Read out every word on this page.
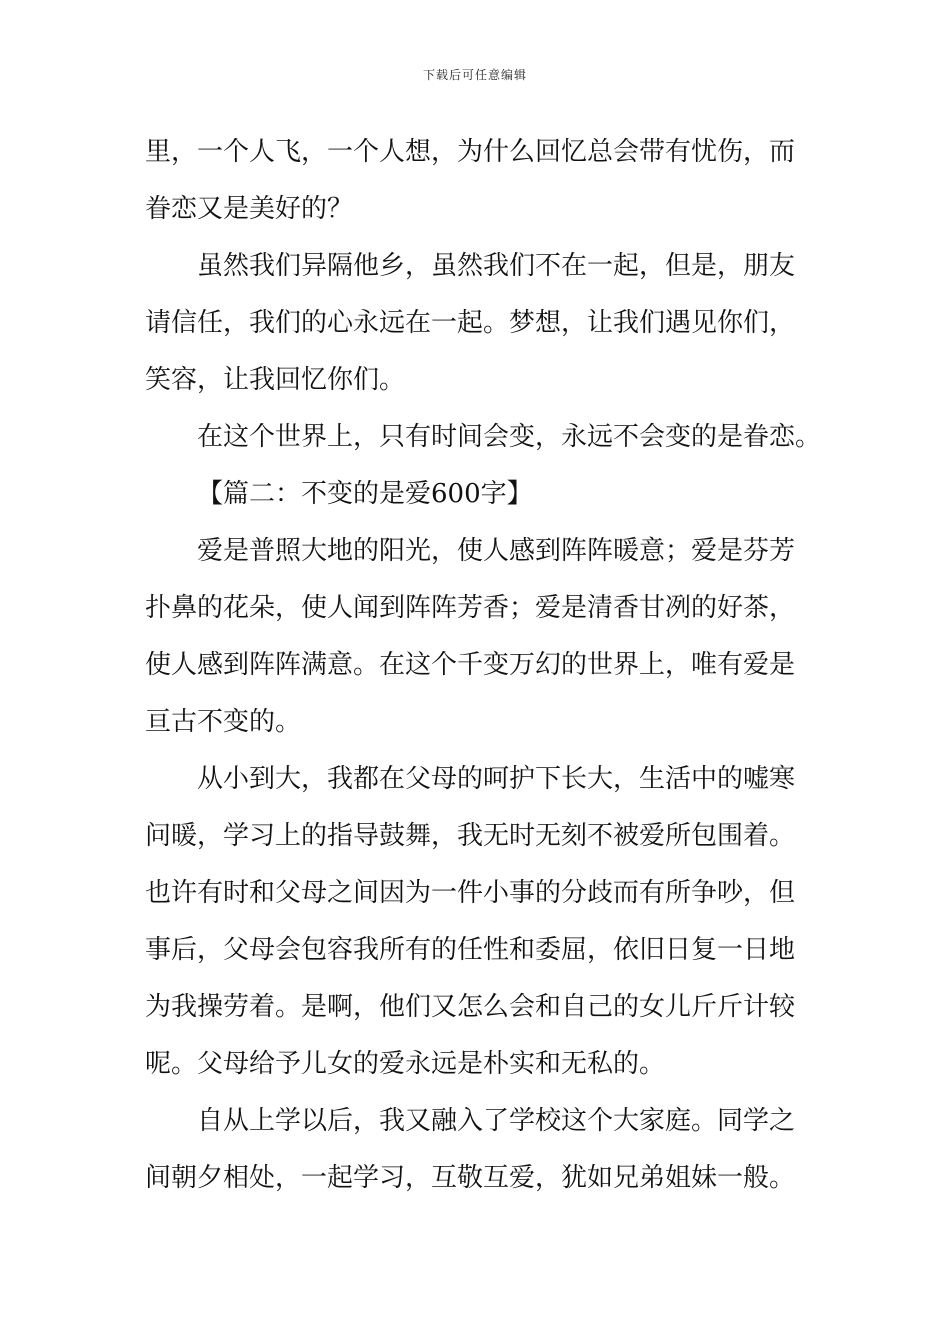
下载后可任意编辑
里，一个人飞，一个人想，为什么回忆总会带有忧伤，而
眷恋又是美好的？
虽然我们异隔他乡，虽然我们不在一起，但是，朋友
请信任，我们的心永远在一起。梦想，让我们遇见你们，
笑容，让我回忆你们。
在这个世界上，只有时间会变，永远不会变的是眷恋。
【篇二：不变的是爱600字】
爱是普照大地的阳光，使人感到阵阵暖意；爱是芬芳
扑鼻的花朵，使人闻到阵阵芳香；爱是清香甘冽的好茶，
使人感到阵阵满意。在这个千变万幻的世界上，唯有爱是
亘古不变的。
从小到大，我都在父母的呵护下长大，生活中的嘘寒
问暖，学习上的指导鼓舞，我无时无刻不被爱所包围着。
也许有时和父母之间因为一件小事的分歧而有所争吵，但
事后，父母会包容我所有的任性和委屈，依旧日复一日地
为我操劳着。是啊，他们又怎么会和自己的女儿斤斤计较
呢。父母给予儿女的爱永远是朴实和无私的。
自从上学以后，我又融入了学校这个大家庭。同学之
间朝夕相处，一起学习，互敬互爱，犹如兄弟姐妹一般。
